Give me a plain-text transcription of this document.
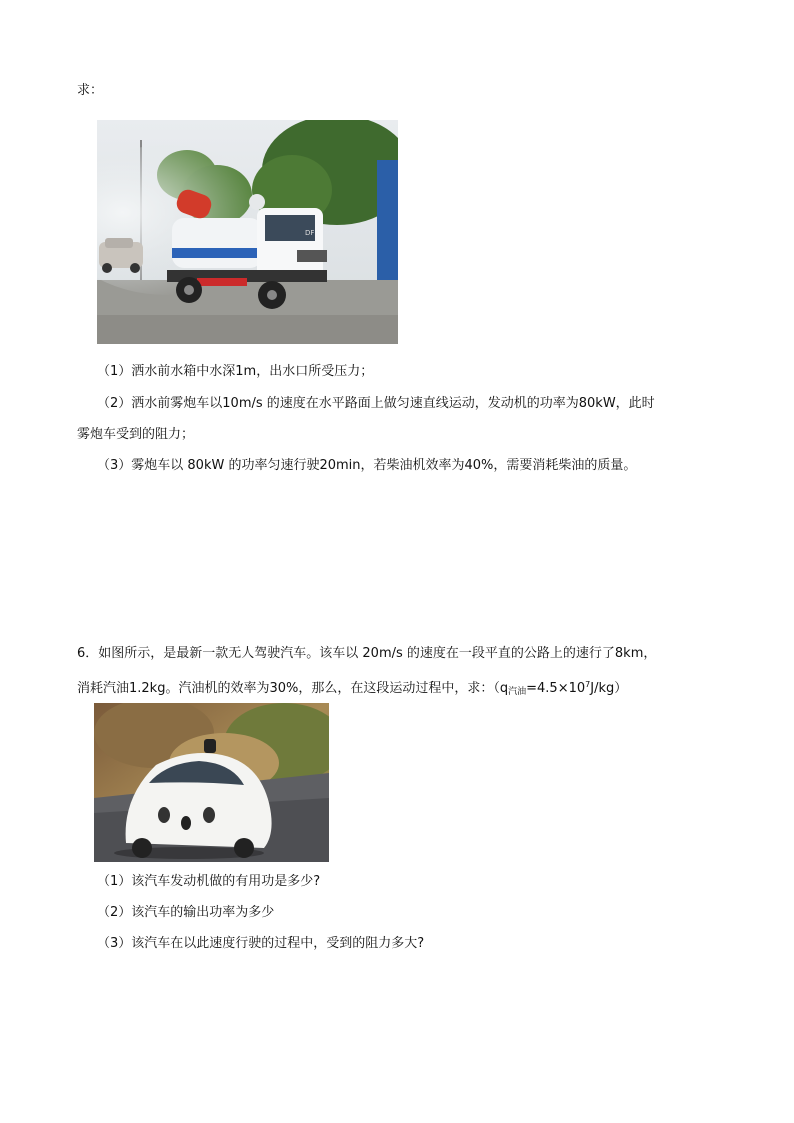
求：
DF
（1）洒水前水箱中水深1m，出水口所受压力；
（2）洒水前雾炮车以10m/s 的速度在水平路面上做匀速直线运动，发动机的功率为80kW，此时
雾炮车受到的阻力；
（3）雾炮车以 80kW 的功率匀速行驶20min，若柴油机效率为40%，需要消耗柴油的质量。
6．如图所示，是最新一款无人驾驶汽车。该车以 20m/s 的速度在一段平直的公路上的速行了8km，
消耗汽油1.2kg。汽油机的效率为30%，那么，在这段运动过程中，求：$(q_{汽油}=4.5\times 10^7J/kg)$
（1）该汽车发动机做的有用功是多少?
（2）该汽车的输出功率为多少
（3）该汽车在以此速度行驶的过程中，受到的阻力多大?
